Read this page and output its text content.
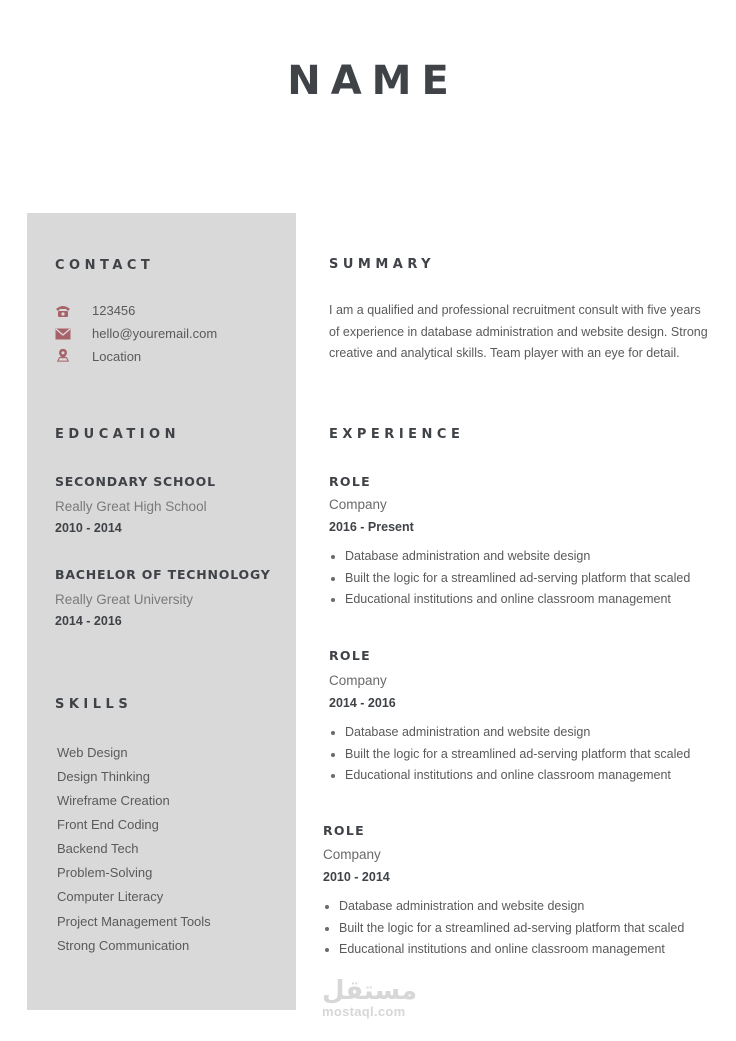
NAME
CONTACT
123456
hello@youremail.com
Location
EDUCATION
SECONDARY SCHOOL
Really Great High School
2010 - 2014
BACHELOR OF TECHNOLOGY
Really Great University
2014 - 2016
SKILLS
Web Design
Design Thinking
Wireframe Creation
Front End Coding
Backend Tech
Problem-Solving
Computer Literacy
Project Management Tools
Strong Communication
SUMMARY
I am a qualified and professional recruitment consult with five years of experience in database administration and website design. Strong creative and analytical skills. Team player with an eye for detail.
EXPERIENCE
ROLE
Company
2016 - Present
Database administration and website design
Built the logic for a streamlined ad-serving platform that scaled
Educational institutions and online classroom management
ROLE
Company
2014 - 2016
Database administration and website design
Built the logic for a streamlined ad-serving platform that scaled
Educational institutions and online classroom management
ROLE
Company
2010 - 2014
Database administration and website design
Built the logic for a streamlined ad-serving platform that scaled
Educational institutions and online classroom management
مستقل
mostaql.com
